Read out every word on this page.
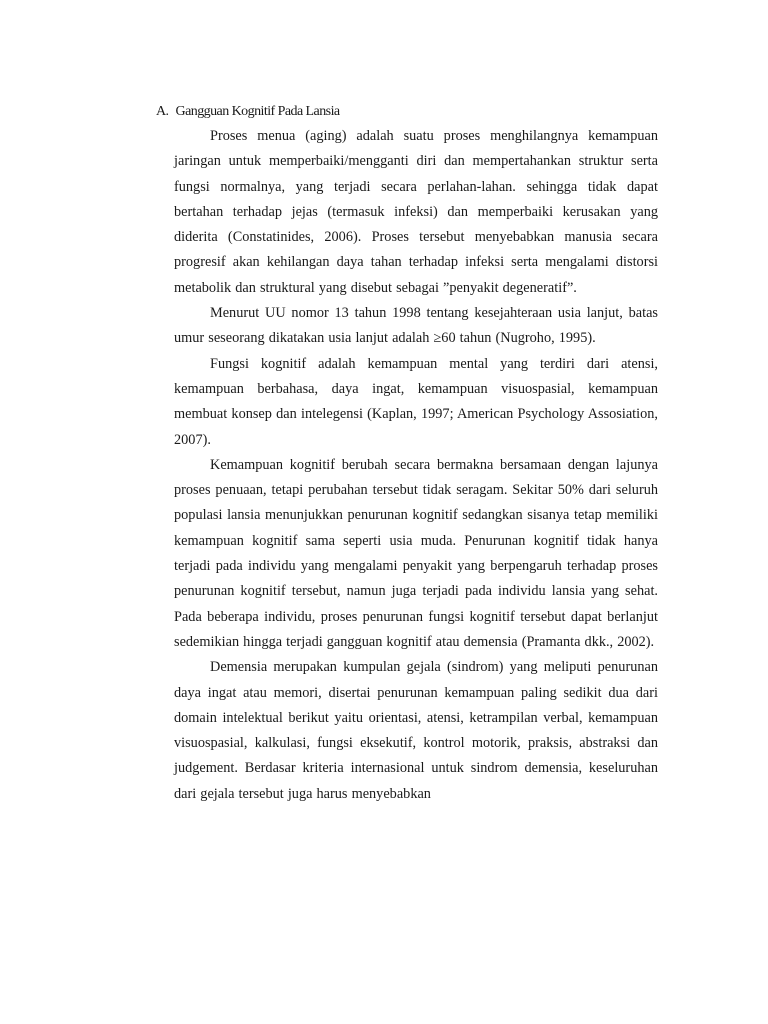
A. Gangguan Kognitif Pada Lansia

Proses menua (aging) adalah suatu proses menghilangnya kemampuan jaringan untuk memperbaiki/mengganti diri dan mempertahankan struktur serta fungsi normalnya, yang terjadi secara perlahan-lahan. sehingga tidak dapat bertahan terhadap jejas (termasuk infeksi) dan memperbaiki kerusakan yang diderita (Constatinides, 2006). Proses tersebut menyebabkan manusia secara progresif akan kehilangan daya tahan terhadap infeksi serta mengalami distorsi metabolik dan struktural yang disebut sebagai ”penyakit degeneratif”.

Menurut UU nomor 13 tahun 1998 tentang kesejahteraan usia lanjut, batas umur seseorang dikatakan usia lanjut adalah ≥60 tahun (Nugroho, 1995).

Fungsi kognitif adalah kemampuan mental yang terdiri dari atensi, kemampuan berbahasa, daya ingat, kemampuan visuospasial, kemampuan membuat konsep dan intelegensi (Kaplan, 1997; American Psychology Assosiation, 2007).

Kemampuan kognitif berubah secara bermakna bersamaan dengan lajunya proses penuaan, tetapi perubahan tersebut tidak seragam. Sekitar 50% dari seluruh populasi lansia menunjukkan penurunan kognitif sedangkan sisanya tetap memiliki kemampuan kognitif sama seperti usia muda. Penurunan kognitif tidak hanya terjadi pada individu yang mengalami penyakit yang berpengaruh terhadap proses penurunan kognitif tersebut, namun juga terjadi pada individu lansia yang sehat. Pada beberapa individu, proses penurunan fungsi kognitif tersebut dapat berlanjut sedemikian hingga terjadi gangguan kognitif atau demensia (Pramanta dkk., 2002).

Demensia merupakan kumpulan gejala (sindrom) yang meliputi penurunan daya ingat atau memori, disertai penurunan kemampuan paling sedikit dua dari domain intelektual berikut yaitu orientasi, atensi, ketrampilan verbal, kemampuan visuospasial, kalkulasi, fungsi eksekutif, kontrol motorik, praksis, abstraksi dan judgement. Berdasar kriteria internasional untuk sindrom demensia, keseluruhan dari gejala tersebut juga harus menyebabkan
